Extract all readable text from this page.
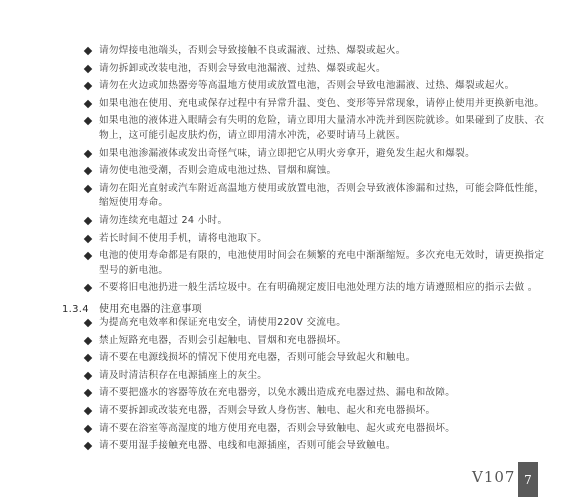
请勿焊接电池端头，否则会导致接触不良或漏液、过热、爆裂或起火。
请勿拆卸或改装电池，否则会导致电池漏液、过热、爆裂或起火。
请勿在火边或加热器旁等高温地方使用或放置电池，否则会导致电池漏液、过热、爆裂或起火。
如果电池在使用、充电或保存过程中有异常升温、变色、变形等异常现象，请停止使用并更换新电池。
如果电池的液体进入眼睛会有失明的危险，请立即用大量清水冲洗并到医院就诊。如果碰到了皮肤、衣物上，这可能引起皮肤灼伤，请立即用清水冲洗，必要时请马上就医。
如果电池渗漏液体或发出奇怪气味，请立即把它从明火旁拿开，避免发生起火和爆裂。
请勿使电池受潮，否则会造成电池过热、冒烟和腐蚀。
请勿在阳光直射或汽车附近高温地方使用或放置电池，否则会导致液体渗漏和过热，可能会降低性能，缩短使用寿命。
请勿连续充电超过 24 小时。
若长时间不使用手机，请将电池取下。
电池的使用寿命都是有限的，电池使用时间会在频繁的充电中渐渐缩短。多次充电无效时，请更换指定型号的新电池。
不要将旧电池扔进一般生活垃圾中。在有明确规定废旧电池处理方法的地方请遵照相应的指示去做 。
1.3.4 使用充电器的注意事项
为提高充电效率和保证充电安全，请使用220V 交流电。
禁止短路充电器，否则会引起触电、冒烟和充电器损坏。
请不要在电源线损坏的情况下使用充电器，否则可能会导致起火和触电。
请及时清洁积存在电源插座上的灰尘。
请不要把盛水的容器等放在充电器旁，以免水溅出造成充电器过热、漏电和故障。
请不要拆卸或改装充电器，否则会导致人身伤害、触电、起火和充电器损坏。
请不要在浴室等高湿度的地方使用充电器，否则会导致触电、起火或充电器损坏。
请不要用湿手接触充电器、电线和电源插座，否则可能会导致触电。
V107 7
